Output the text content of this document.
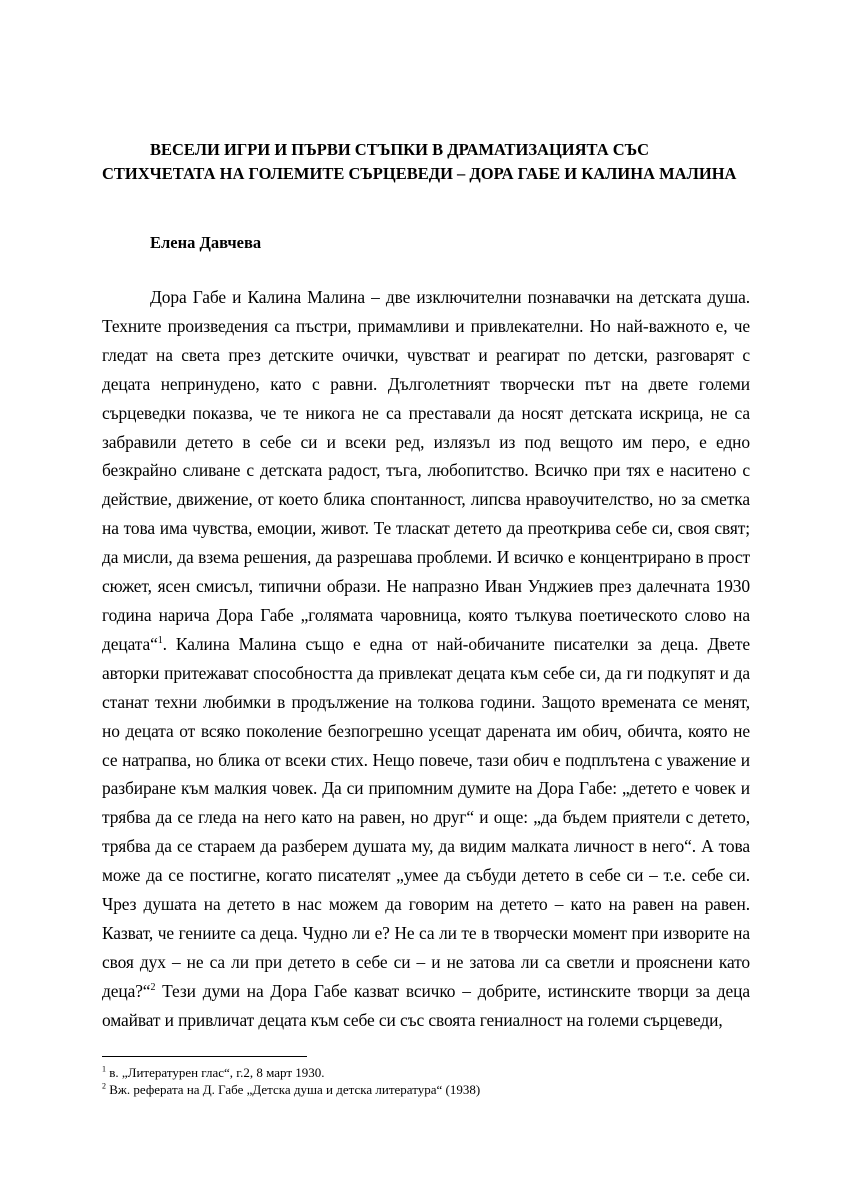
ВЕСЕЛИ ИГРИ И ПЪРВИ СТЪПКИ В ДРАМАТИЗАЦИЯТА СЪС СТИХЧЕТАТА НА ГОЛЕМИТЕ СЪРЦЕВЕДИ – ДОРА ГАБЕ И КАЛИНА МАЛИНА

Елена Давчева

Дора Габе и Калина Малина – две изключителни познавачки на детската душа. Техните произведения са пъстри, примамливи и привлекателни. Но най-важното е, че гледат на света през детските очички, чувстват и реагират по детски, разговарят с децата непринудено, като с равни. Дълголетният творчески път на двете големи сърцеведки показва, че те никога не са преставали да носят детската искрица, не са забравили детето в себе си и всеки ред, излязъл из под вещото им перо, е едно безкрайно сливане с детската радост, тъга, любопитство. Всичко при тях е наситено с действие, движение, от което блика спонтанност, липсва нравоучителство, но за сметка на това има чувства, емоции, живот. Те тласкат детето да преоткрива себе си, своя свят; да мисли, да взема решения, да разрешава проблеми. И всичко е концентрирано в прост сюжет, ясен смисъл, типични образи. Не напразно Иван Унджиев през далечната 1930 година нарича Дора Габе „голямата чаровница, която тълкува поетическото слово на децата“$^1$. Калина Малина също е една от най-обичаните писателки за деца. Двете авторки притежават способността да привлекат децата към себе си, да ги подкупят и да станат техни любимки в продължение на толкова години. Защото времената се менят, но децата от всяко поколение безпогрешно усещат дарената им обич, обичта, която не се натрапва, но блика от всеки стих. Нещо повече, тази обич е подплътена с уважение и разбиране към малкия човек. Да си припомним думите на Дора Габе: „детето е човек и трябва да се гледа на него като на равен, но друг“ и още: „да бъдем приятели с детето, трябва да се стараем да разберем душата му, да видим малката личност в него“. А това може да се постигне, когато писателят „умее да събуди детето в себе си – т.е. себе си. Чрез душата на детето в нас можем да говорим на детето – като на равен на равен. Казват, че гениите са деца. Чудно ли е? Не са ли те в творчески момент при изворите на своя дух – не са ли при детето в себе си – и не затова ли са светли и прояснени като деца?“$^2$ Тези думи на Дора Габе казват всичко – добрите, истинските творци за деца омайват и привличат децата към себе си със своята гениалност на големи сърцеведи,

$^1$ в. „Литературен глас“, г.2, 8 март 1930.

$^2$ Вж. реферата на Д. Габе „Детска душа и детска литература“ (1938)
